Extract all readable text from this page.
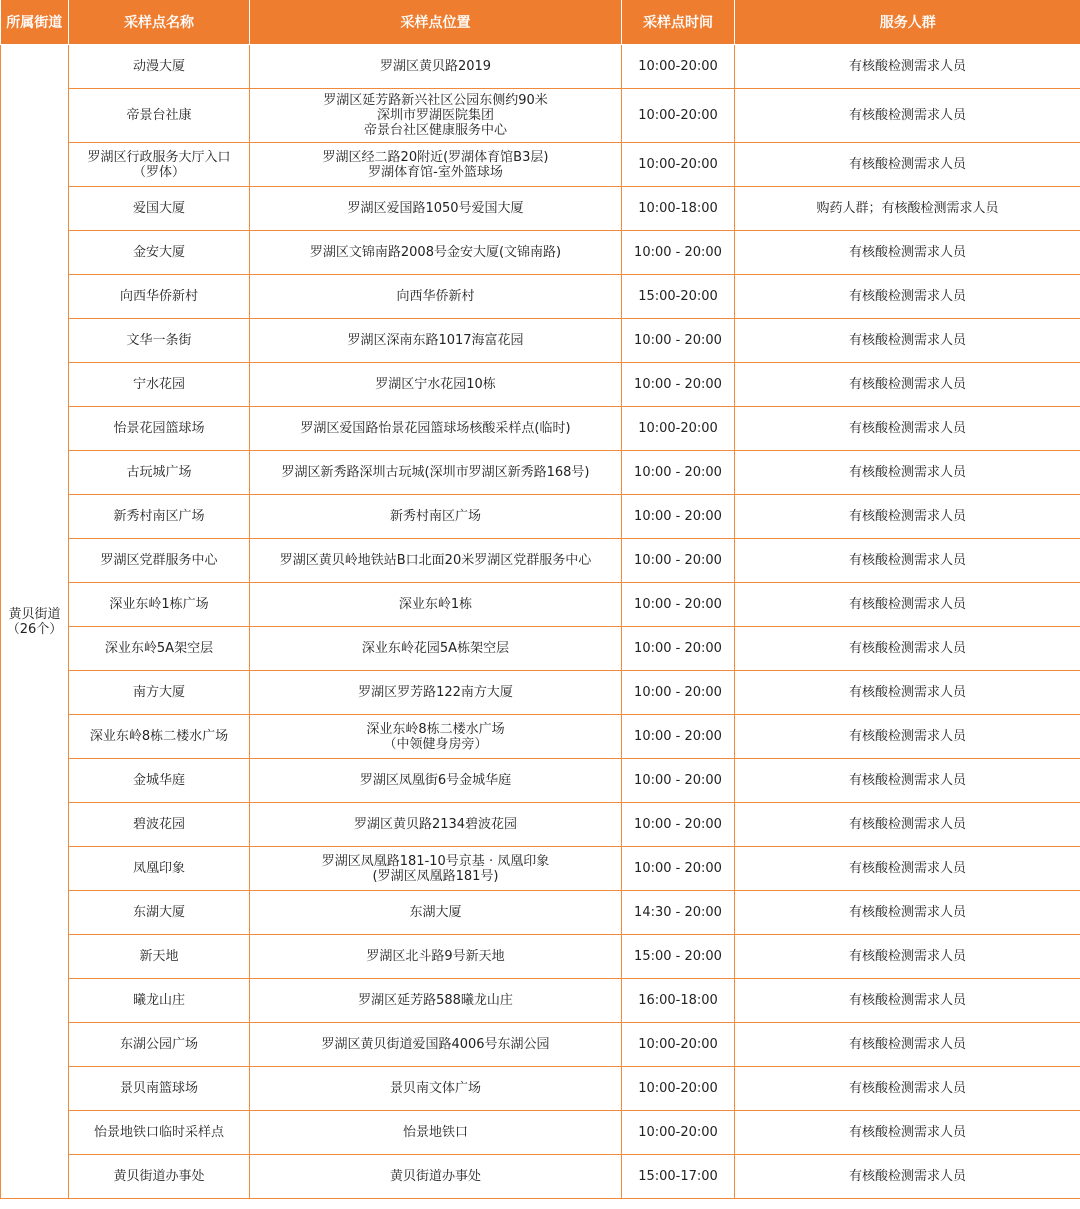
所属街道	采样点名称	采样点位置	采样点时间	服务人群

黄贝街道
（26个）	动漫大厦	罗湖区黄贝路2019	10:00-20:00	有核酸检测需求人员

	帝景台社康	罗湖区延芳路新兴社区公园东侧约90米
深圳市罗湖医院集团
帝景台社区健康服务中心	10:00-20:00	有核酸检测需求人员

	罗湖区行政服务大厅入口
（罗体）	罗湖区经二路20附近(罗湖体育馆B3层)
罗湖体育馆-室外篮球场	10:00-20:00	有核酸检测需求人员

	爱国大厦	罗湖区爱国路1050号爱国大厦	10:00-18:00	购药人群；有核酸检测需求人员

	金安大厦	罗湖区文锦南路2008号金安大厦(文锦南路)	10:00 - 20:00	有核酸检测需求人员

	向西华侨新村	向西华侨新村	15:00-20:00	有核酸检测需求人员

	文华一条街	罗湖区深南东路1017海富花园	10:00 - 20:00	有核酸检测需求人员

	宁水花园	罗湖区宁水花园10栋	10:00 - 20:00	有核酸检测需求人员

	怡景花园篮球场	罗湖区爱国路怡景花园篮球场核酸采样点(临时)	10:00-20:00	有核酸检测需求人员

	古玩城广场	罗湖区新秀路深圳古玩城(深圳市罗湖区新秀路168号)	10:00 - 20:00	有核酸检测需求人员

	新秀村南区广场	新秀村南区广场	10:00 - 20:00	有核酸检测需求人员

	罗湖区党群服务中心	罗湖区黄贝岭地铁站B口北面20米罗湖区党群服务中心	10:00 - 20:00	有核酸检测需求人员

	深业东岭1栋广场	深业东岭1栋	10:00 - 20:00	有核酸检测需求人员

	深业东岭5A架空层	深业东岭花园5A栋架空层	10:00 - 20:00	有核酸检测需求人员

	南方大厦	罗湖区罗芳路122南方大厦	10:00 - 20:00	有核酸检测需求人员

	深业东岭8栋二楼水广场	深业东岭8栋二楼水广场
（中领健身房旁）	10:00 - 20:00	有核酸检测需求人员

	金城华庭	罗湖区凤凰街6号金城华庭	10:00 - 20:00	有核酸检测需求人员

	碧波花园	罗湖区黄贝路2134碧波花园	10:00 - 20:00	有核酸检测需求人员

	凤凰印象	罗湖区凤凰路181-10号京基 · 凤凰印象
(罗湖区凤凰路181号)	10:00 - 20:00	有核酸检测需求人员

	东湖大厦	东湖大厦	14:30 - 20:00	有核酸检测需求人员

	新天地	罗湖区北斗路9号新天地	15:00 - 20:00	有核酸检测需求人员

	曦龙山庄	罗湖区延芳路588曦龙山庄	16:00-18:00	有核酸检测需求人员

	东湖公园广场	罗湖区黄贝街道爱国路4006号东湖公园	10:00-20:00	有核酸检测需求人员

	景贝南篮球场	景贝南文体广场	10:00-20:00	有核酸检测需求人员

	怡景地铁口临时采样点	怡景地铁口	10:00-20:00	有核酸检测需求人员

	黄贝街道办事处	黄贝街道办事处	15:00-17:00	有核酸检测需求人员
